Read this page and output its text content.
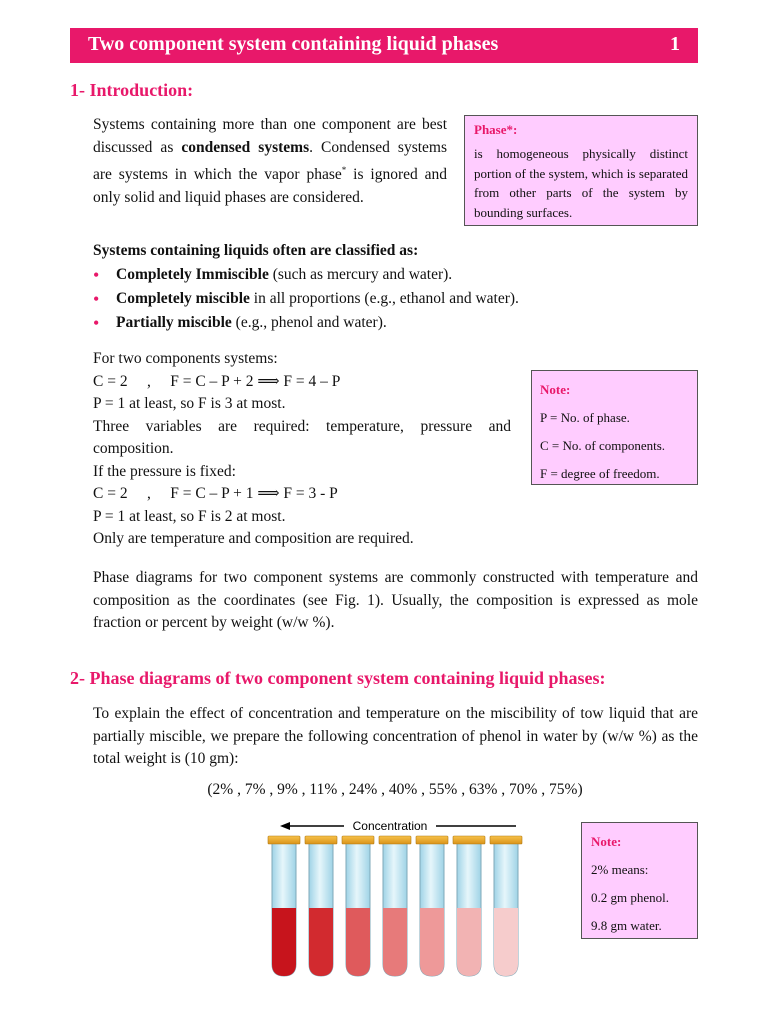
Two component system containing liquid phases	1
1- Introduction:
Systems containing more than one component are best discussed as condensed systems. Condensed systems are systems in which the vapor phase* is ignored and only solid and liquid phases are considered.
Phase*:
is homogeneous physically distinct portion of the system, which is separated from other parts of the system by bounding surfaces.
Systems containing liquids often are classified as:
• Completely Immiscible (such as mercury and water).
• Completely miscible in all proportions (e.g., ethanol and water).
• Partially miscible (e.g., phenol and water).
For two components systems:
C = 2     ,     F = C – P + 2 ⟹ F = 4 – P
P = 1 at least, so F is 3 at most.
Three variables are required: temperature, pressure and composition.
If the pressure is fixed:
C = 2     ,     F = C – P + 1 ⟹ F = 3 - P
P = 1 at least, so F is 2 at most.
Only are temperature and composition are required.
Note:
P = No. of phase.
C = No. of components.
F = degree of freedom.
Phase diagrams for two component systems are commonly constructed with temperature and composition as the coordinates (see Fig. 1). Usually, the composition is expressed as mole fraction or percent by weight (w/w %).
2- Phase diagrams of two component system containing liquid phases:
To explain the effect of concentration and temperature on the miscibility of tow liquid that are partially miscible, we prepare the following concentration of phenol in water by (w/w %) as the total weight is (10 gm):
(2% , 7% , 9% , 11% , 24% , 40% , 55% , 63% , 70% , 75%)
Concentration
Note:
2% means:
0.2 gm phenol.
9.8 gm water.
